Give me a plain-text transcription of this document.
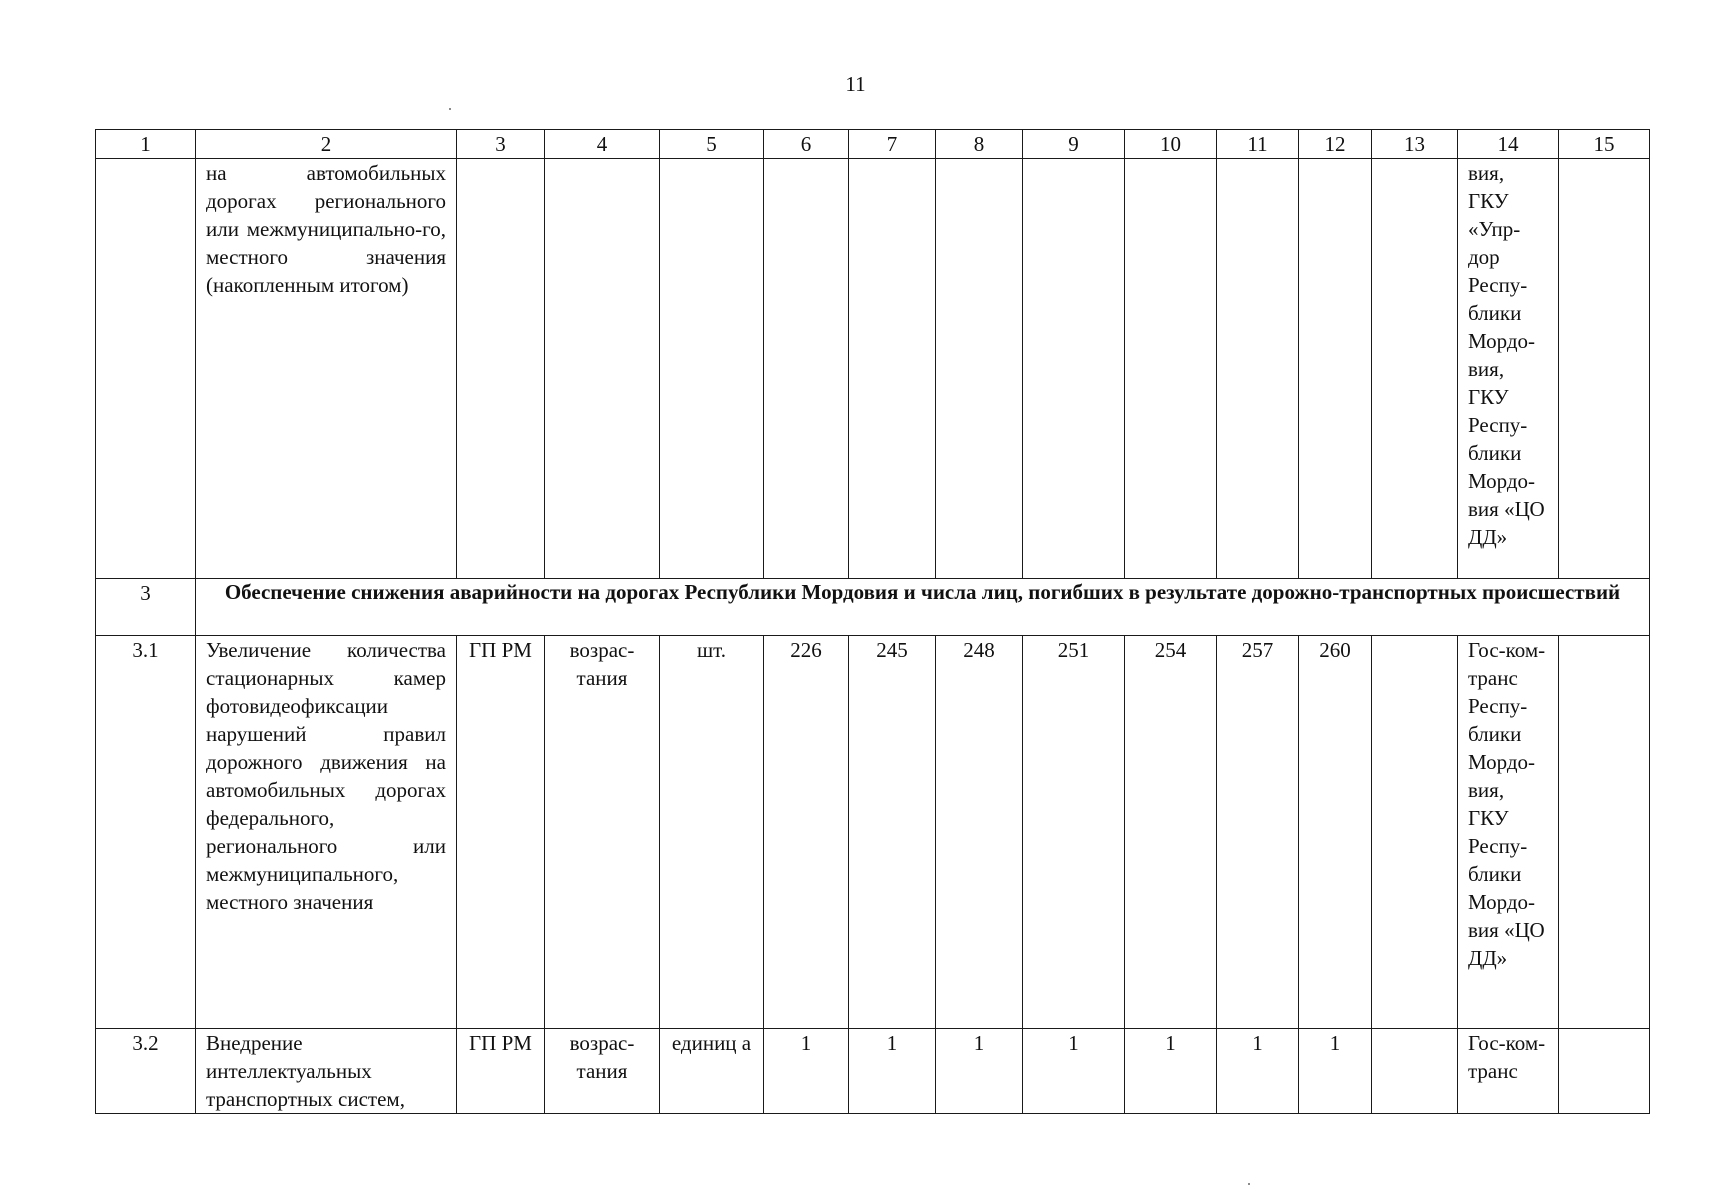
11
1	2	3	4	5	6	7	8	9	10	11	12	13	14	15
	на автомобильных дорогах регионального или межмуниципально-го, местного значения (накопленным итогом)												вия, ГКУ «Упр-дор Респу-блики Мордо-вия, ГКУ Респу-блики Мордо-вия «ЦО ДД»	
3	Обеспечение снижения аварийности на дорогах Республики Мордовия и числа лиц, погибших в результате дорожно-транспортных происшествий													
3.1	Увеличение количества стационарных камер фотовидеофиксации нарушений правил дорожного движения на автомобильных дорогах федерального, регионального или межмуниципального, местного значения	ГП РМ	возрас-тания	шт.	226	245	248	251	254	257	260		Гос-ком-транс Респу-блики Мордо-вия, ГКУ Респу-блики Мордо-вия «ЦО ДД»	
3.2	Внедрение интеллектуальных транспортных систем,	ГП РМ	возрас-тания	единиц а	1	1	1	1	1	1	1		Гос-ком-транс	
